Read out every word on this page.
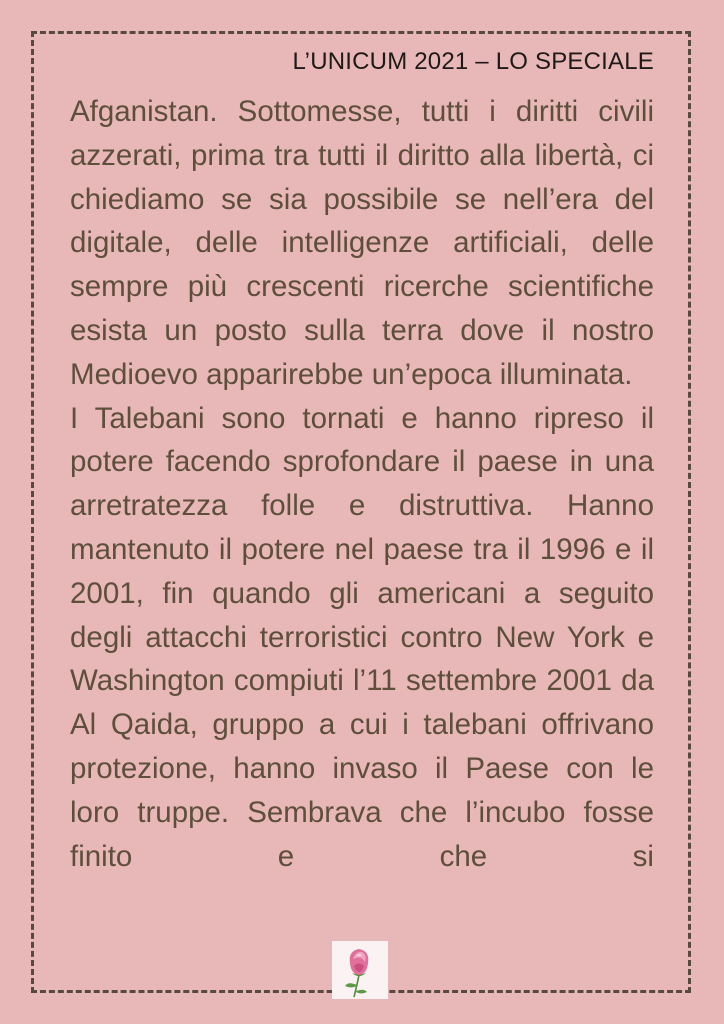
L’UNICUM 2021 – LO SPECIALE

Afganistan. Sottomesse, tutti i diritti civili azzerati, prima tra tutti il diritto alla libertà, ci chiediamo se sia possibile se nell’era del digitale, delle intelligenze artificiali, delle sempre più crescenti ricerche scientifiche esista un posto sulla terra dove il nostro Medioevo apparirebbe un’epoca illuminata.

I Talebani sono tornati e hanno ripreso il potere facendo sprofondare il paese in una arretratezza folle e distruttiva. Hanno mantenuto il potere nel paese tra il 1996 e il 2001, fin quando gli americani a seguito degli attacchi terroristici contro New York e Washington compiuti l’11 settembre 2001 da Al Qaida, gruppo a cui i talebani offrivano protezione, hanno invaso il Paese con le loro truppe. Sembrava che l’incubo fosse finito e che si
